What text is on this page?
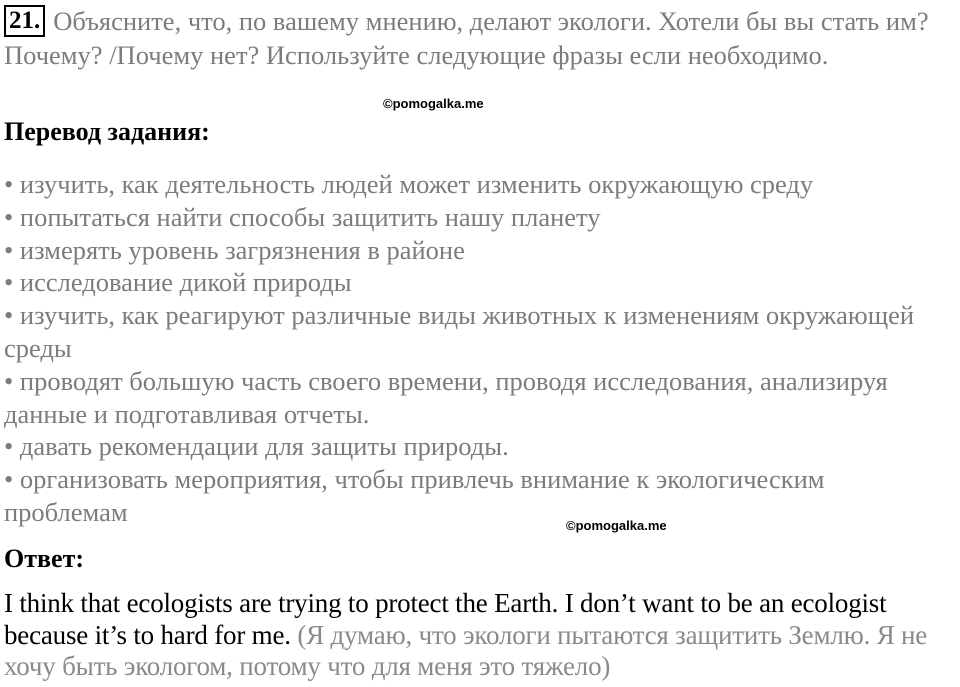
21. Объясните, что, по вашему мнению, делают экологи. Хотели бы вы стать им? Почему? /Почему нет? Используйте следующие фразы если необходимо.
©pomogalka.me
Перевод задания:
• изучить, как деятельность людей может изменить окружающую среду
• попытаться найти способы защитить нашу планету
• измерять уровень загрязнения в районе
• исследование дикой природы
• изучить, как реагируют различные виды животных к изменениям окружающей среды
• проводят большую часть своего времени, проводя исследования, анализируя данные и подготавливая отчеты.
• давать рекомендации для защиты природы.
• организовать мероприятия, чтобы привлечь внимание к экологическим проблемам	©pomogalka.me
Ответ:
I think that ecologists are trying to protect the Earth. I don’t want to be an ecologist because it’s to hard for me. (Я думаю, что экологи пытаются защитить Землю. Я не хочу быть экологом, потому что для меня это тяжело)
